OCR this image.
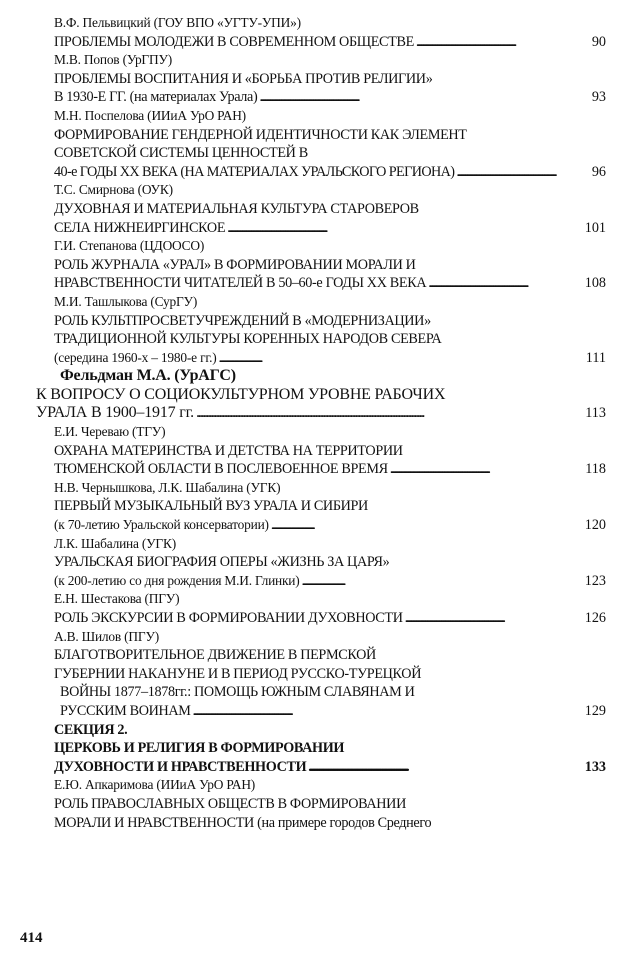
В.Ф. Пельвицкий (ГОУ ВПО «УГТУ-УПИ»)
ПРОБЛЕМЫ МОЛОДЕЖИ В СОВРЕМЕННОМ ОБЩЕСТВЕ . . .	90
М.В. Попов (УрГПУ)
ПРОБЛЕМЫ ВОСПИТАНИЯ И «БОРЬБА ПРОТИВ РЕЛИГИИ»
В 1930-Е ГГ. (на материалах Урала) . . .	93
М.Н. Поспелова (ИИиА УрО РАН)
ФОРМИРОВАНИЕ ГЕНДЕРНОЙ ИДЕНТИЧНОСТИ КАК ЭЛЕМЕНТ
СОВЕТСКОЙ СИСТЕМЫ ЦЕННОСТЕЙ В
40-е ГОДЫ XX ВЕКА (НА МАТЕРИАЛАХ УРАЛЬСКОГО РЕГИОНА) . . .	96
Т.С. Смирнова (ОУК)
ДУХОВНАЯ И МАТЕРИАЛЬНАЯ КУЛЬТУРА СТАРОВЕРОВ
СЕЛА НИЖНЕИРГИНСКОЕ . . .	101
Г.И. Степанова (ЦДООСО)
РОЛЬ ЖУРНАЛА «УРАЛ» В ФОРМИРОВАНИИ МОРАЛИ И
НРАВСТВЕННОСТИ ЧИТАТЕЛЕЙ В 50–60-е ГОДЫ XX ВЕКА . . .	108
М.И. Ташлыкова (СурГУ)
РОЛЬ КУЛЬТПРОСВЕТУЧРЕЖДЕНИЙ В «МОДЕРНИЗАЦИИ»
ТРАДИЦИОННОЙ КУЛЬТУРЫ КОРЕННЫХ НАРОДОВ СЕВЕРА
(середина 1960-х – 1980-е гг.) . . .	111
Фельдман М.А. (УрАГС)
К ВОПРОСУ О СОЦИОКУЛЬТУРНОМ УРОВНЕ РАБОЧИХ
УРАЛА В 1900–1917 гг. . . .	113
Е.И. Череваю (ТГУ)
ОХРАНА МАТЕРИНСТВА И ДЕТСТВА НА ТЕРРИТОРИИ
ТЮМЕНСКОЙ ОБЛАСТИ В ПОСЛЕВОЕННОЕ ВРЕМЯ . . .	118
Н.В. Чернышкова, Л.К. Шабалина (УГК)
ПЕРВЫЙ МУЗЫКАЛЬНЫЙ ВУЗ УРАЛА И СИБИРИ
(к 70-летию Уральской консерватории) . . .	120
Л.К. Шабалина (УГК)
УРАЛЬСКАЯ БИОГРАФИЯ ОПЕРЫ «ЖИЗНЬ ЗА ЦАРЯ»
(к 200-летию со дня рождения М.И. Глинки) . . .	123
Е.Н. Шестакова (ПГУ)
РОЛЬ ЭКСКУРСИИ В ФОРМИРОВАНИИ ДУХОВНОСТИ . . .	126
А.В. Шилов (ПГУ)
БЛАГОТВОРИТЕЛЬНОЕ ДВИЖЕНИЕ В ПЕРМСКОЙ
ГУБЕРНИИ НАКАНУНЕ И В ПЕРИОД РУССКО-ТУРЕЦКОЙ
ВОЙНЫ 1877–1878гг.: ПОМОЩЬ ЮЖНЫМ СЛАВЯНАМ И
РУССКИМ ВОИНАМ . . .	129
СЕКЦИЯ 2.
ЦЕРКОВЬ И РЕЛИГИЯ В ФОРМИРОВАНИИ
ДУХОВНОСТИ И НРАВСТВЕННОСТИ . . .	133
Е.Ю. Апкаримова (ИИиА УрО РАН)
РОЛЬ ПРАВОСЛАВНЫХ ОБЩЕСТВ В ФОРМИРОВАНИИ
МОРАЛИ И НРАВСТВЕННОСТИ (на примере городов Среднего
414
